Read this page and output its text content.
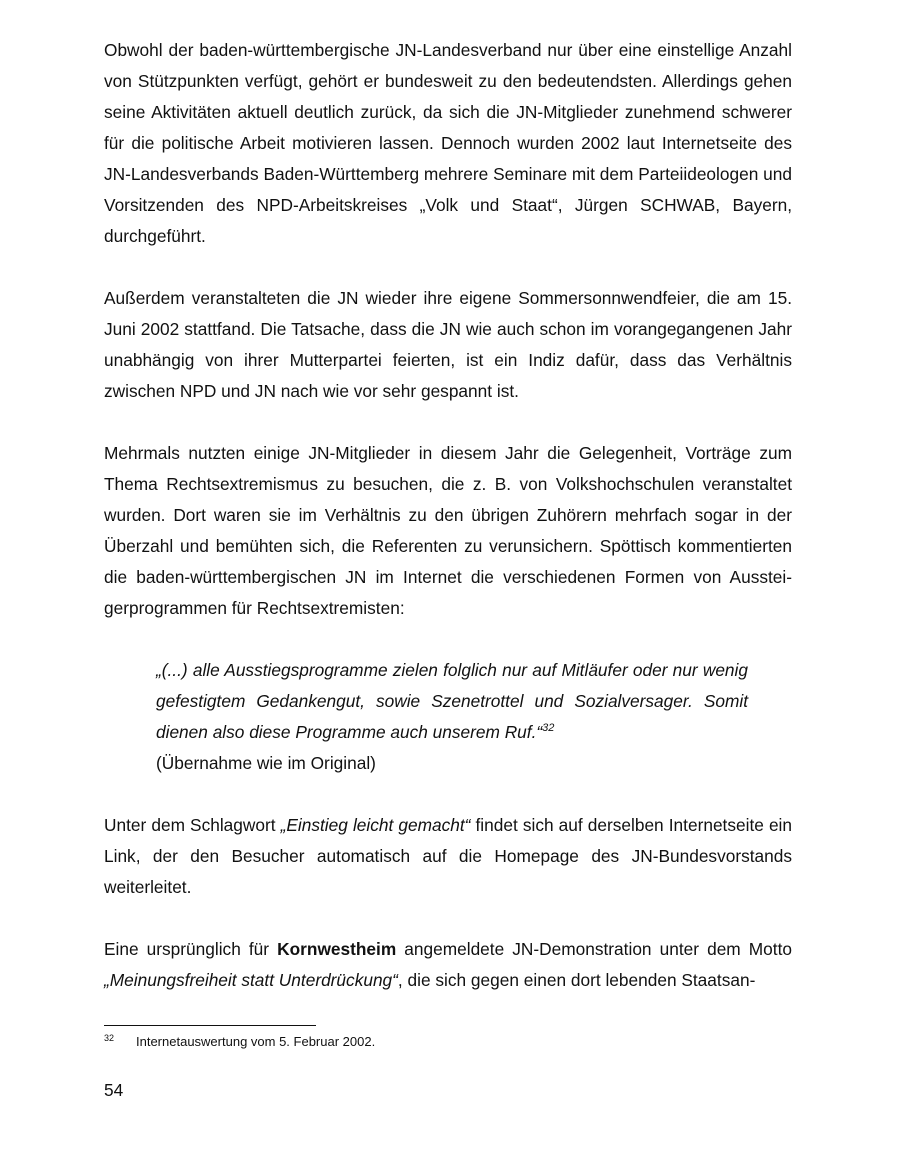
Obwohl der baden-württembergische JN-Landesverband nur über eine einstellige Anzahl von Stützpunkten verfügt, gehört er bundesweit zu den bedeutendsten. Allerdings gehen seine Aktivitäten aktuell deutlich zurück, da sich die JN-Mitglieder zunehmend schwerer für die politische Arbeit motivieren lassen. Dennoch wurden 2002 laut Internetseite des JN-Landesverbands Baden-Württemberg mehrere Seminare mit dem Parteiideologen und Vorsitzenden des NPD-Arbeitskreises „Volk und Staat“, Jürgen SCHWAB, Bayern, durchgeführt.

Außerdem veranstalteten die JN wieder ihre eigene Sommersonnwendfeier, die am 15. Juni 2002 stattfand. Die Tatsache, dass die JN wie auch schon im vorangegangenen Jahr unabhängig von ihrer Mutterpartei feierten, ist ein Indiz dafür, dass das Verhältnis zwischen NPD und JN nach wie vor sehr gespannt ist.

Mehrmals nutzten einige JN-Mitglieder in diesem Jahr die Gelegenheit, Vorträge zum Thema Rechtsextremismus zu besuchen, die z. B. von Volkshochschulen veranstaltet wurden. Dort waren sie im Verhältnis zu den übrigen Zuhörern mehrfach sogar in der Überzahl und bemühten sich, die Referenten zu verunsichern. Spöttisch kommentierten die baden-württembergischen JN im Internet die verschiedenen Formen von Aussteigerprogrammen für Rechtsextremisten:

„(...) alle Ausstiegsprogramme zielen folglich nur auf Mitläufer oder nur wenig gefestigtem Gedankengut, sowie Szenetrottel und Sozialversager. Somit dienen also diese Programme auch unserem Ruf.“$^{32}$

(Übernahme wie im Original)

Unter dem Schlagwort „Einstieg leicht gemacht“ findet sich auf derselben Internetseite ein Link, der den Besucher automatisch auf die Homepage des JN-Bundesvorstands weiterleitet.

Eine ursprünglich für Kornwestheim angemeldete JN-Demonstration unter dem Motto „Meinungsfreiheit statt Unterdrückung“, die sich gegen einen dort lebenden Staatsan-

32 Internetauswertung vom 5. Februar 2002.
54
